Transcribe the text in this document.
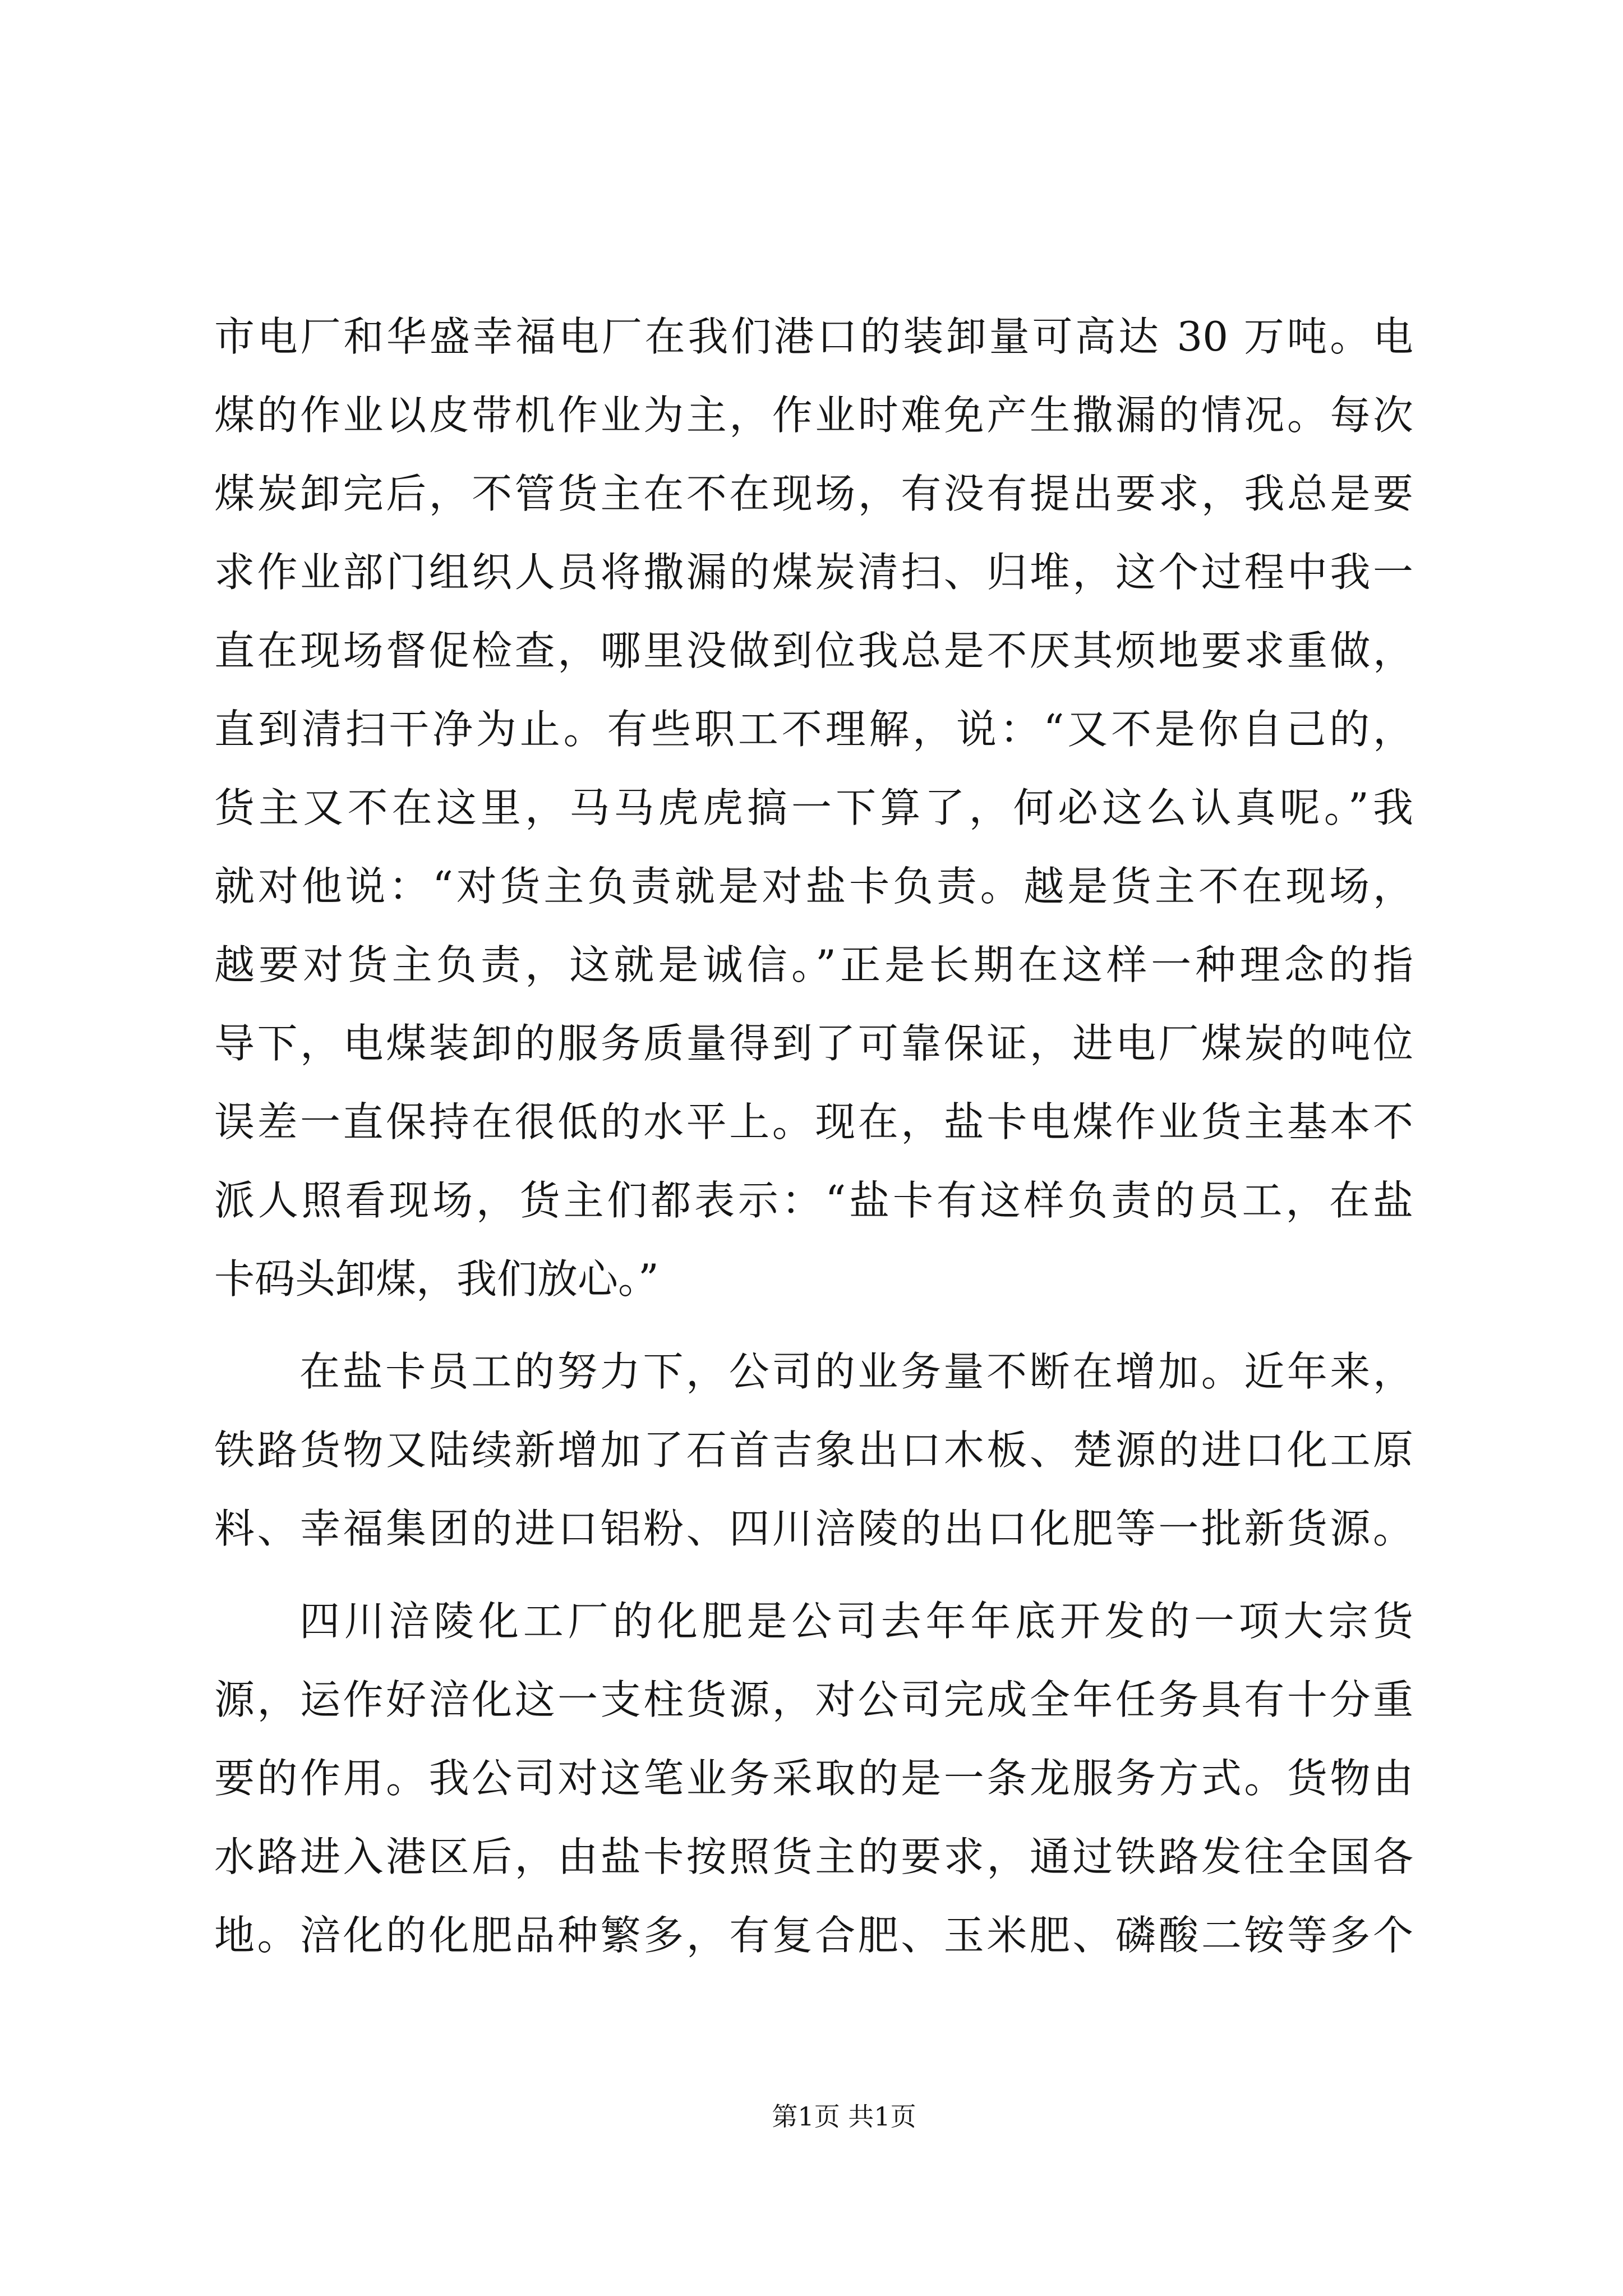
市电厂和华盛幸福电厂在我们港口的装卸量可高达 30 万吨。电
煤的作业以皮带机作业为主，作业时难免产生撒漏的情况。每次
煤炭卸完后，不管货主在不在现场，有没有提出要求，我总是要
求作业部门组织人员将撒漏的煤炭清扫、归堆，这个过程中我一
直在现场督促检查，哪里没做到位我总是不厌其烦地要求重做，
直到清扫干净为止。有些职工不理解，说：“又不是你自己的，
货主又不在这里，马马虎虎搞一下算了，何必这么认真呢。”我
就对他说：“对货主负责就是对盐卡负责。越是货主不在现场，
越要对货主负责，这就是诚信。”正是长期在这样一种理念的指
导下，电煤装卸的服务质量得到了可靠保证，进电厂煤炭的吨位
误差一直保持在很低的水平上。现在，盐卡电煤作业货主基本不
派人照看现场，货主们都表示：“盐卡有这样负责的员工，在盐
卡码头卸煤，我们放心。”
在盐卡员工的努力下，公司的业务量不断在增加。近年来，
铁路货物又陆续新增加了石首吉象出口木板、楚源的进口化工原
料、幸福集团的进口铝粉、四川涪陵的出口化肥等一批新货源。
四川涪陵化工厂的化肥是公司去年年底开发的一项大宗货
源，运作好涪化这一支柱货源，对公司完成全年任务具有十分重
要的作用。我公司对这笔业务采取的是一条龙服务方式。货物由
水路进入港区后，由盐卡按照货主的要求，通过铁路发往全国各
地。涪化的化肥品种繁多，有复合肥、玉米肥、磷酸二铵等多个
第1页 共1页
